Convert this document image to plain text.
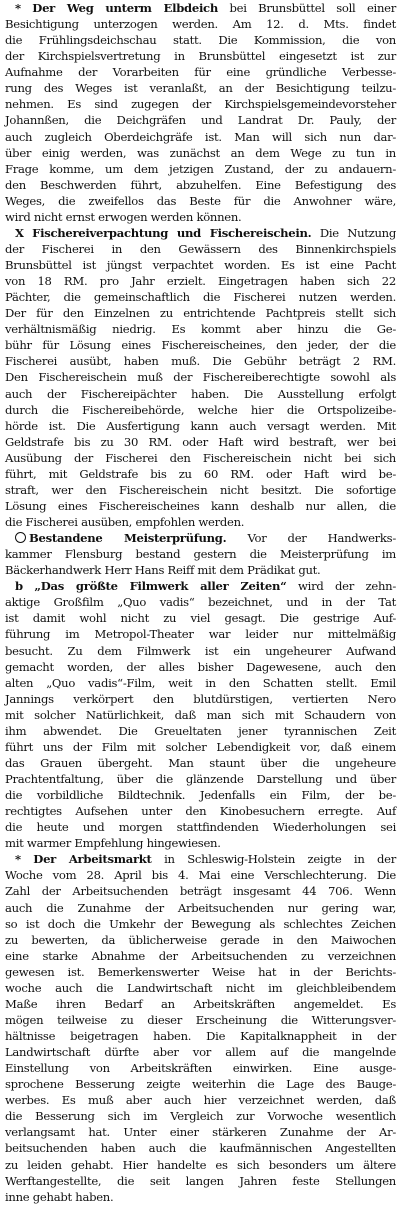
* Der Weg unterm Elbdeich bei Brunsbüttel soll einer
Besichtigung unterzogen werden. Am 12. d. Mts. findet
die Frühlingsdeichschau statt. Die Kommission, die von
der Kirchspielsvertretung in Brunsbüttel eingesetzt ist zur
Aufnahme der Vorarbeiten für eine gründliche Verbesse-
rung des Weges ist veranlaßt, an der Besichtigung teilzu-
nehmen. Es sind zugegen der Kirchspielsgemeindevorsteher
Johannßen, die Deichgräfen und Landrat Dr. Pauly, der
auch zugleich Oberdeichgräfe ist. Man will sich nun dar-
über einig werden, was zunächst an dem Wege zu tun in
Frage komme, um dem jetzigen Zustand, der zu andauern-
den Beschwerden führt, abzuhelfen. Eine Befestigung des
Weges, die zweifellos das Beste für die Anwohner wäre,
wird nicht ernst erwogen werden können.
X Fischereiverpachtung und Fischereischein. Die Nutzung
der Fischerei in den Gewässern des Binnenkirchspiels
Brunsbüttel ist jüngst verpachtet worden. Es ist eine Pacht
von 18 RM. pro Jahr erzielt. Eingetragen haben sich 22
Pächter, die gemeinschaftlich die Fischerei nutzen werden.
Der für den Einzelnen zu entrichtende Pachtpreis stellt sich
verhältnismäßig niedrig. Es kommt aber hinzu die Ge-
bühr für Lösung eines Fischereischeines, den jeder, der die
Fischerei ausübt, haben muß. Die Gebühr beträgt 2 RM.
Den Fischereischein muß der Fischereiberechtigte sowohl als
auch der Fischereipächter haben. Die Ausstellung erfolgt
durch die Fischereibehörde, welche hier die Ortspolizeibe-
hörde ist. Die Ausfertigung kann auch versagt werden. Mit
Geldstrafe bis zu 30 RM. oder Haft wird bestraft, wer bei
Ausübung der Fischerei den Fischereischein nicht bei sich
führt, mit Geldstrafe bis zu 60 RM. oder Haft wird be-
straft, wer den Fischereischein nicht besitzt. Die sofortige
Lösung eines Fischereischeines kann deshalb nur allen, die
die Fischerei ausüben, empfohlen werden.
Bestandene Meisterprüfung. Vor der Handwerks-
kammer Flensburg bestand gestern die Meisterprüfung im
Bäckerhandwerk Herr Hans Reiff mit dem Prädikat gut.
b „Das größte Filmwerk aller Zeiten“ wird der zehn-
aktige Großfilm „Quo vadis“ bezeichnet, und in der Tat
ist damit wohl nicht zu viel gesagt. Die gestrige Auf-
führung im Metropol-Theater war leider nur mittelmäßig
besucht. Zu dem Filmwerk ist ein ungeheurer Aufwand
gemacht worden, der alles bisher Dagewesene, auch den
alten „Quo vadis“-Film, weit in den Schatten stellt. Emil
Jannings verkörpert den blutdürstigen, vertierten Nero
mit solcher Natürlichkeit, daß man sich mit Schaudern von
ihm abwendet. Die Greueltaten jener tyrannischen Zeit
führt uns der Film mit solcher Lebendigkeit vor, daß einem
das Grauen übergeht. Man staunt über die ungeheure
Prachtentfaltung, über die glänzende Darstellung und über
die vorbildliche Bildtechnik. Jedenfalls ein Film, der be-
rechtigtes Aufsehen unter den Kinobesuchern erregte. Auf
die heute und morgen stattfindenden Wiederholungen sei
mit warmer Empfehlung hingewiesen.
* Der Arbeitsmarkt in Schleswig-Holstein zeigte in der
Woche vom 28. April bis 4. Mai eine Verschlechterung. Die
Zahl der Arbeitsuchenden beträgt insgesamt 44 706. Wenn
auch die Zunahme der Arbeitsuchenden nur gering war,
so ist doch die Umkehr der Bewegung als schlechtes Zeichen
zu bewerten, da üblicherweise gerade in den Maiwochen
eine starke Abnahme der Arbeitsuchenden zu verzeichnen
gewesen ist. Bemerkenswerter Weise hat in der Berichts-
woche auch die Landwirtschaft nicht im gleichbleibendem
Maße ihren Bedarf an Arbeitskräften angemeldet. Es
mögen teilweise zu dieser Erscheinung die Witterungsver-
hältnisse beigetragen haben. Die Kapitalknappheit in der
Landwirtschaft dürfte aber vor allem auf die mangelnde
Einstellung von Arbeitskräften einwirken. Eine ausge-
sprochene Besserung zeigte weiterhin die Lage des Bauge-
werbes. Es muß aber auch hier verzeichnet werden, daß
die Besserung sich im Vergleich zur Vorwoche wesentlich
verlangsamt hat. Unter einer stärkeren Zunahme der Ar-
beitsuchenden haben auch die kaufmännischen Angestellten
zu leiden gehabt. Hier handelte es sich besonders um ältere
Werftangestellte, die seit langen Jahren feste Stellungen
inne gehabt haben.
